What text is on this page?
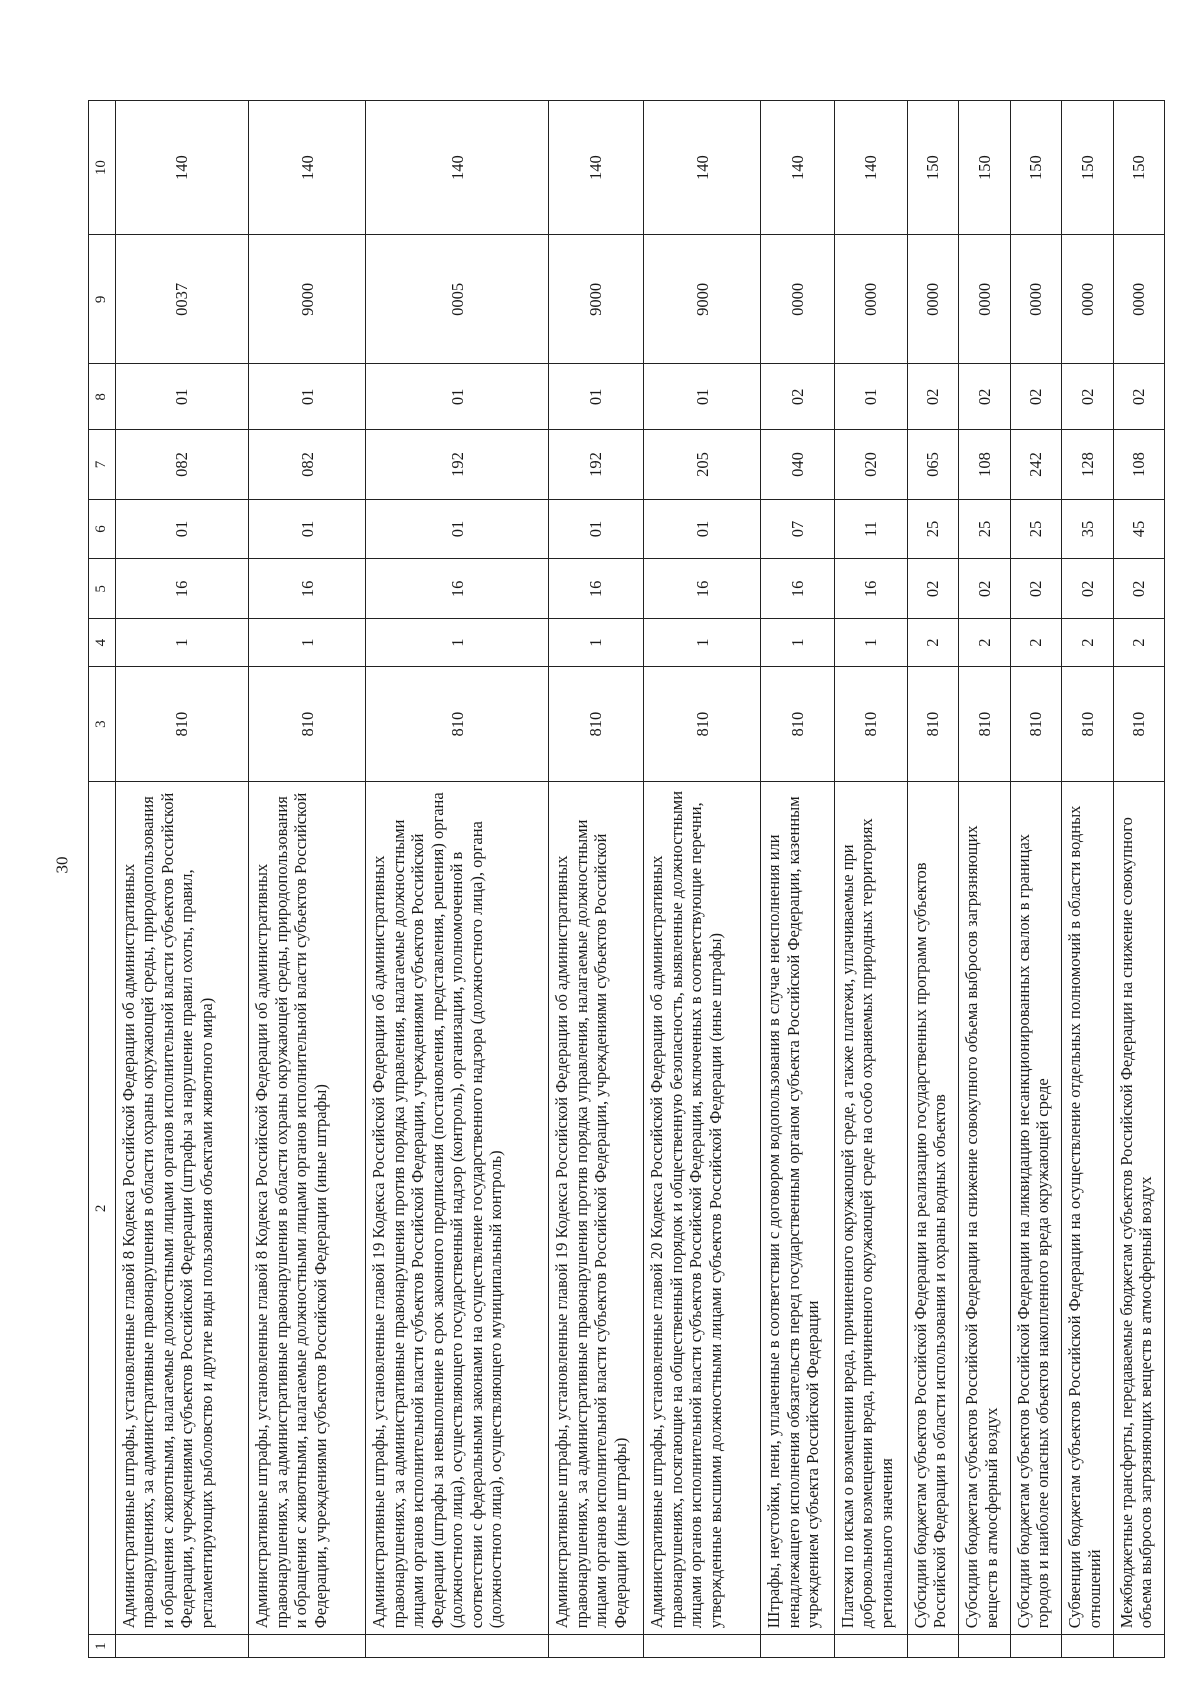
30
1	2	3	4	5	6	7	8	9	10
	Административные штрафы, установленные главой 8 Кодекса Российской Федерации об административных правонарушениях, за административные правонарушения в области охраны окружающей среды, природопользования и обращения с животными, налагаемые должностными лицами органов исполнительной власти субъектов Российской Федерации, учреждениями субъектов Российской Федерации (штрафы за нарушение правил охоты, правил, регламентирующих рыболовство и другие виды пользования объектами животного мира)	810	1	16	01	082	01	0037	140
	Административные штрафы, установленные главой 8 Кодекса Российской Федерации об административных правонарушениях, за административные правонарушения в области охраны окружающей среды, природопользования и обращения с животными, налагаемые должностными лицами органов исполнительной власти субъектов Российской Федерации, учреждениями субъектов Российской Федерации (иные штрафы)	810	1	16	01	082	01	9000	140
	Административные штрафы, установленные главой 19 Кодекса Российской Федерации об административных правонарушениях, за административные правонарушения против порядка управления, налагаемые должностными лицами органов исполнительной власти субъектов Российской Федерации, учреждениями субъектов Российской Федерации (штрафы за невыполнение в срок законного предписания (постановления, представления, решения) органа (должностного лица), осуществляющего государственный надзор (контроль), организации, уполномоченной в соответствии с федеральными законами на осуществление государственного надзора (должностного лица), органа (должностного лица), осуществляющего муниципальный контроль)	810	1	16	01	192	01	0005	140
	Административные штрафы, установленные главой 19 Кодекса Российской Федерации об административных правонарушениях, за административные правонарушения против порядка управления, налагаемые должностными лицами органов исполнительной власти субъектов Российской Федерации, учреждениями субъектов Российской Федерации (иные штрафы)	810	1	16	01	192	01	9000	140
	Административные штрафы, установленные главой 20 Кодекса Российской Федерации об административных правонарушениях, посягающие на общественный порядок и общественную безопасность, выявленные должностными лицами органов исполнительной власти субъектов Российской Федерации, включенных в соответствующие перечни, утвержденные высшими должностными лицами субъектов Российской Федерации (иные штрафы)	810	1	16	01	205	01	9000	140
	Штрафы, неустойки, пени, уплаченные в соответствии с договором водопользования в случае неисполнения или ненадлежащего исполнения обязательств перед государственным органом субъекта Российской Федерации, казенным учреждением субъекта Российской Федерации	810	1	16	07	040	02	0000	140
	Платежи по искам о возмещении вреда, причиненного окружающей среде, а также платежи, уплачиваемые при добровольном возмещении вреда, причиненного окружающей среде на особо охраняемых природных территориях регионального значения	810	1	16	11	020	01	0000	140
	Субсидии бюджетам субъектов Российской Федерации на реализацию государственных программ субъектов Российской Федерации в области использования и охраны водных объектов	810	2	02	25	065	02	0000	150
	Субсидии бюджетам субъектов Российской Федерации на снижение совокупного объема выбросов загрязняющих веществ в атмосферный воздух	810	2	02	25	108	02	0000	150
	Субсидии бюджетам субъектов Российской Федерации на ликвидацию несанкционированных свалок в границах городов и наиболее опасных объектов накопленного вреда окружающей среде	810	2	02	25	242	02	0000	150
	Субвенции бюджетам субъектов Российской Федерации на осуществление отдельных полномочий в области водных отношений	810	2	02	35	128	02	0000	150
	Межбюджетные трансферты, передаваемые бюджетам субъектов Российской Федерации на снижение совокупного объема выбросов загрязняющих веществ в атмосферный воздух	810	2	02	45	108	02	0000	150
